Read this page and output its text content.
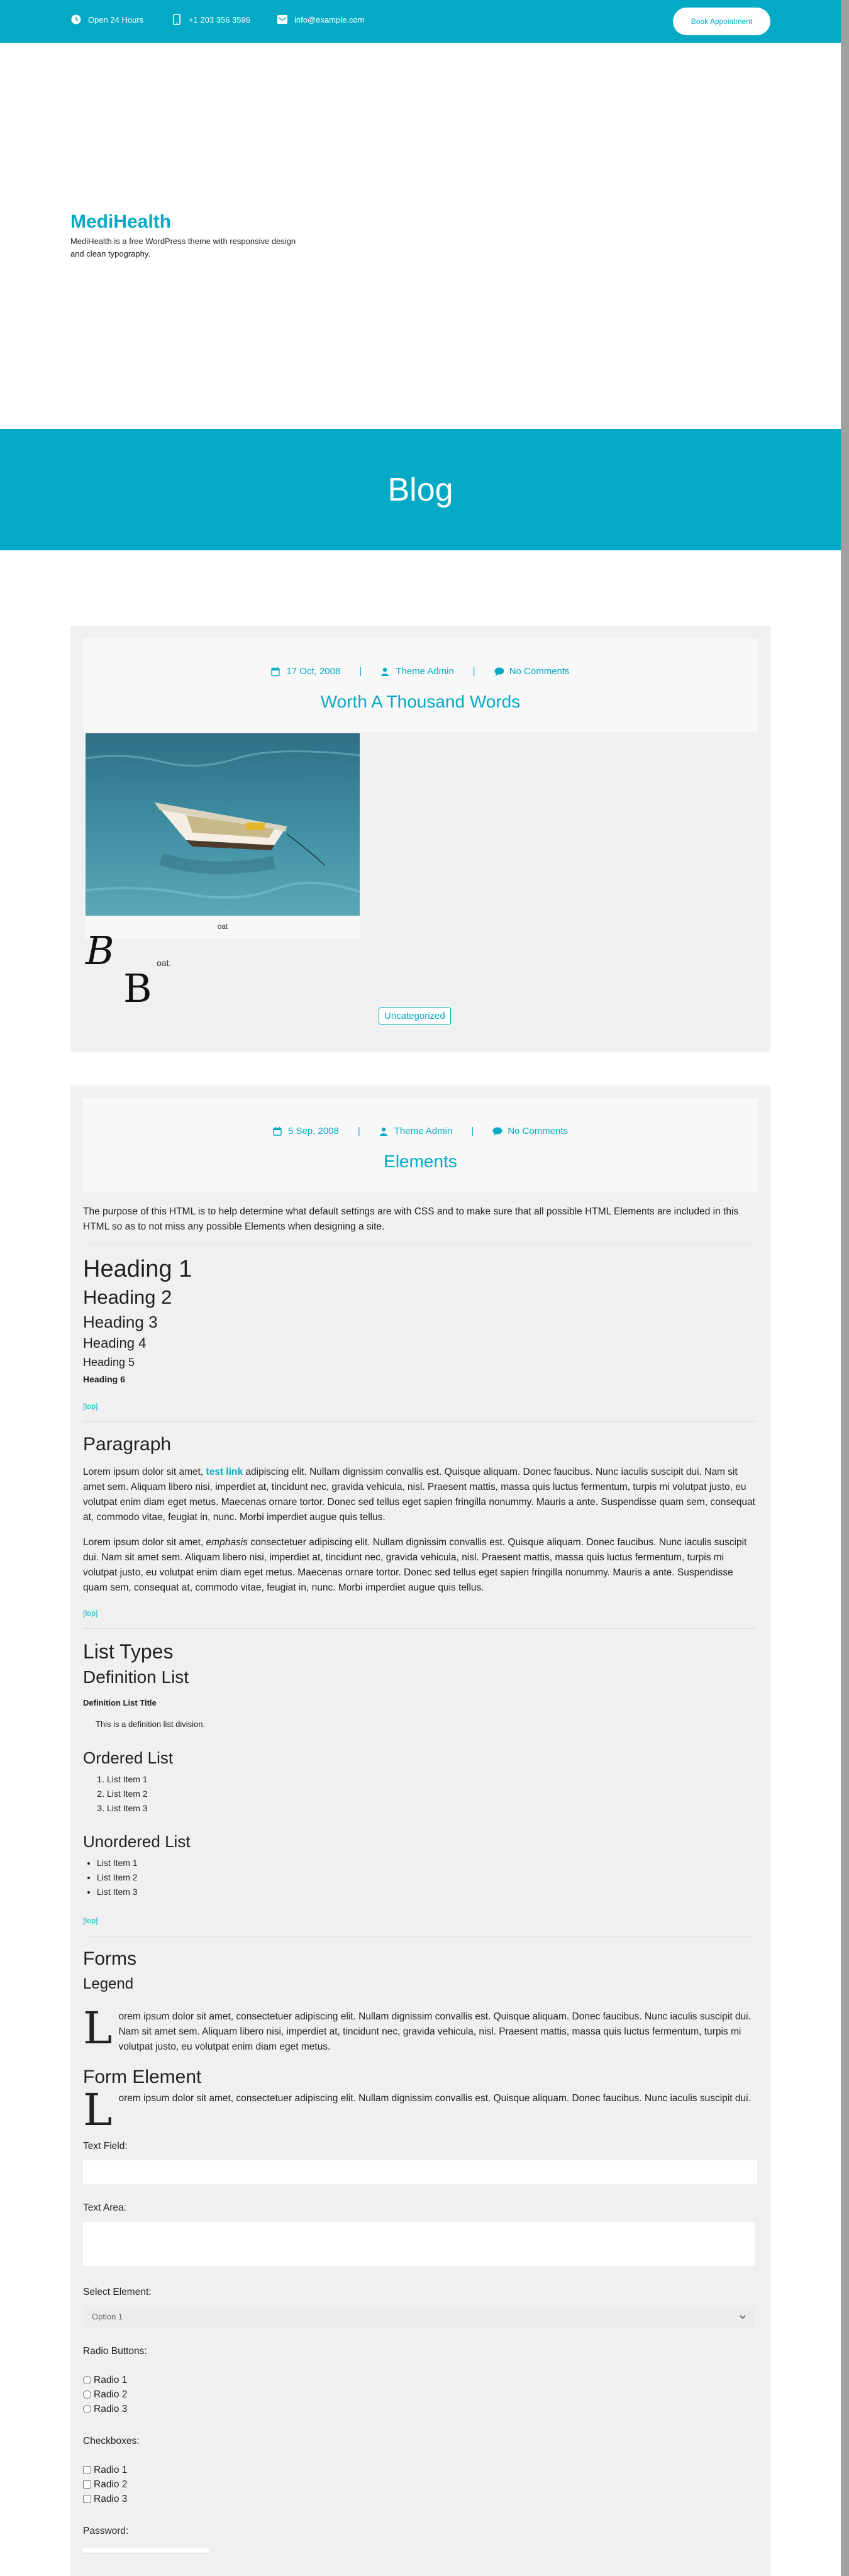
Open 24 Hours	+1 203 356 3596	info@example.com	Book Appointment
MediHealth

MediHealth is a free WordPress theme with responsive design and clean typography.

Blog
17 Oct, 2008 |	Theme Admin |	No Comments
Worth A Thousand Words
oat
B
B
oat.
Uncategorized
5 Sep, 2008 |	Theme Admin |	No Comments
Elements

The purpose of this HTML is to help determine what default settings are with CSS and to make sure that all possible HTML Elements are included in this HTML so as to not miss any possible Elements when designing a site.

Heading 1
Heading 2
Heading 3
Heading 4
Heading 5
Heading 6
[top]
Paragraph

Lorem ipsum dolor sit amet, test link adipiscing elit. Nullam dignissim convallis est. Quisque aliquam. Donec faucibus. Nunc iaculis suscipit dui. Nam sit amet sem. Aliquam libero nisi, imperdiet at, tincidunt nec, gravida vehicula, nisl. Praesent mattis, massa quis luctus fermentum, turpis mi volutpat justo, eu volutpat enim diam eget metus. Maecenas ornare tortor. Donec sed tellus eget sapien fringilla nonummy. Mauris a ante. Suspendisse quam sem, consequat at, commodo vitae, feugiat in, nunc. Morbi imperdiet augue quis tellus.

Lorem ipsum dolor sit amet, emphasis consectetuer adipiscing elit. Nullam dignissim convallis est. Quisque aliquam. Donec faucibus. Nunc iaculis suscipit dui. Nam sit amet sem. Aliquam libero nisi, imperdiet at, tincidunt nec, gravida vehicula, nisl. Praesent mattis, massa quis luctus fermentum, turpis mi volutpat justo, eu volutpat enim diam eget metus. Maecenas ornare tortor. Donec sed tellus eget sapien fringilla nonummy. Mauris a ante. Suspendisse quam sem, consequat at, commodo vitae, feugiat in, nunc. Morbi imperdiet augue quis tellus.

[top]
List Types
Definition List
Definition List Title
This is a definition list division.
Ordered List
1. List Item 1
2. List Item 2
3. List Item 3
Unordered List
• List Item 1
• List Item 2
• List Item 3
[top]
Forms
Legend
L orem ipsum dolor sit amet, consectetuer adipiscing elit. Nullam dignissim convallis est. Quisque aliquam. Donec faucibus. Nunc iaculis suscipit dui. Nam sit amet sem. Aliquam libero nisi, imperdiet at, tincidunt nec, gravida vehicula, nisl. Praesent mattis, massa quis luctus fermentum, turpis mi volutpat justo, eu volutpat enim diam eget metus.
Form Element
L orem ipsum dolor sit amet, consectetuer adipiscing elit. Nullam dignissim convallis est. Quisque aliquam. Donec faucibus. Nunc iaculis suscipit dui.
Text Field:
Text Area:
Select Element:
Option 1
Radio Buttons:
Radio 1
Radio 2
Radio 3
Checkboxes:
Radio 1
Radio 2
Radio 3
Password:
